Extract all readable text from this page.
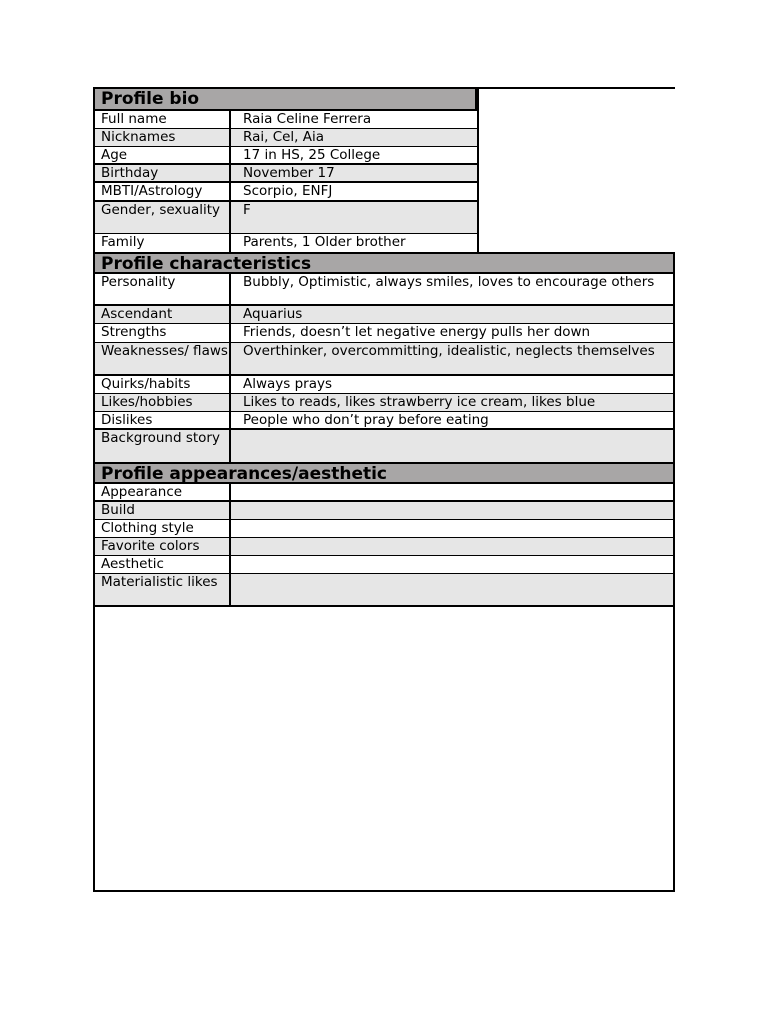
Profile bio
Full name	Raia Celine Ferrera
Nicknames	Rai, Cel, Aia
Age	17 in HS, 25 College
Birthday	November 17
MBTI/Astrology	Scorpio, ENFJ
Gender, sexuality	F
Family	Parents, 1 Older brother
Profile characteristics
Personality	Bubbly, Optimistic, always smiles, loves to encourage others
Ascendant	Aquarius
Strengths	Friends, doesn’t let negative energy pulls her down
Weaknesses/ flaws	Overthinker, overcommitting, idealistic, neglects themselves
Quirks/habits	Always prays
Likes/hobbies	Likes to reads, likes strawberry ice cream, likes blue
Dislikes	People who don’t pray before eating
Background story
Profile appearances/aesthetic
Appearance
Build
Clothing style
Favorite colors
Aesthetic
Materialistic likes
